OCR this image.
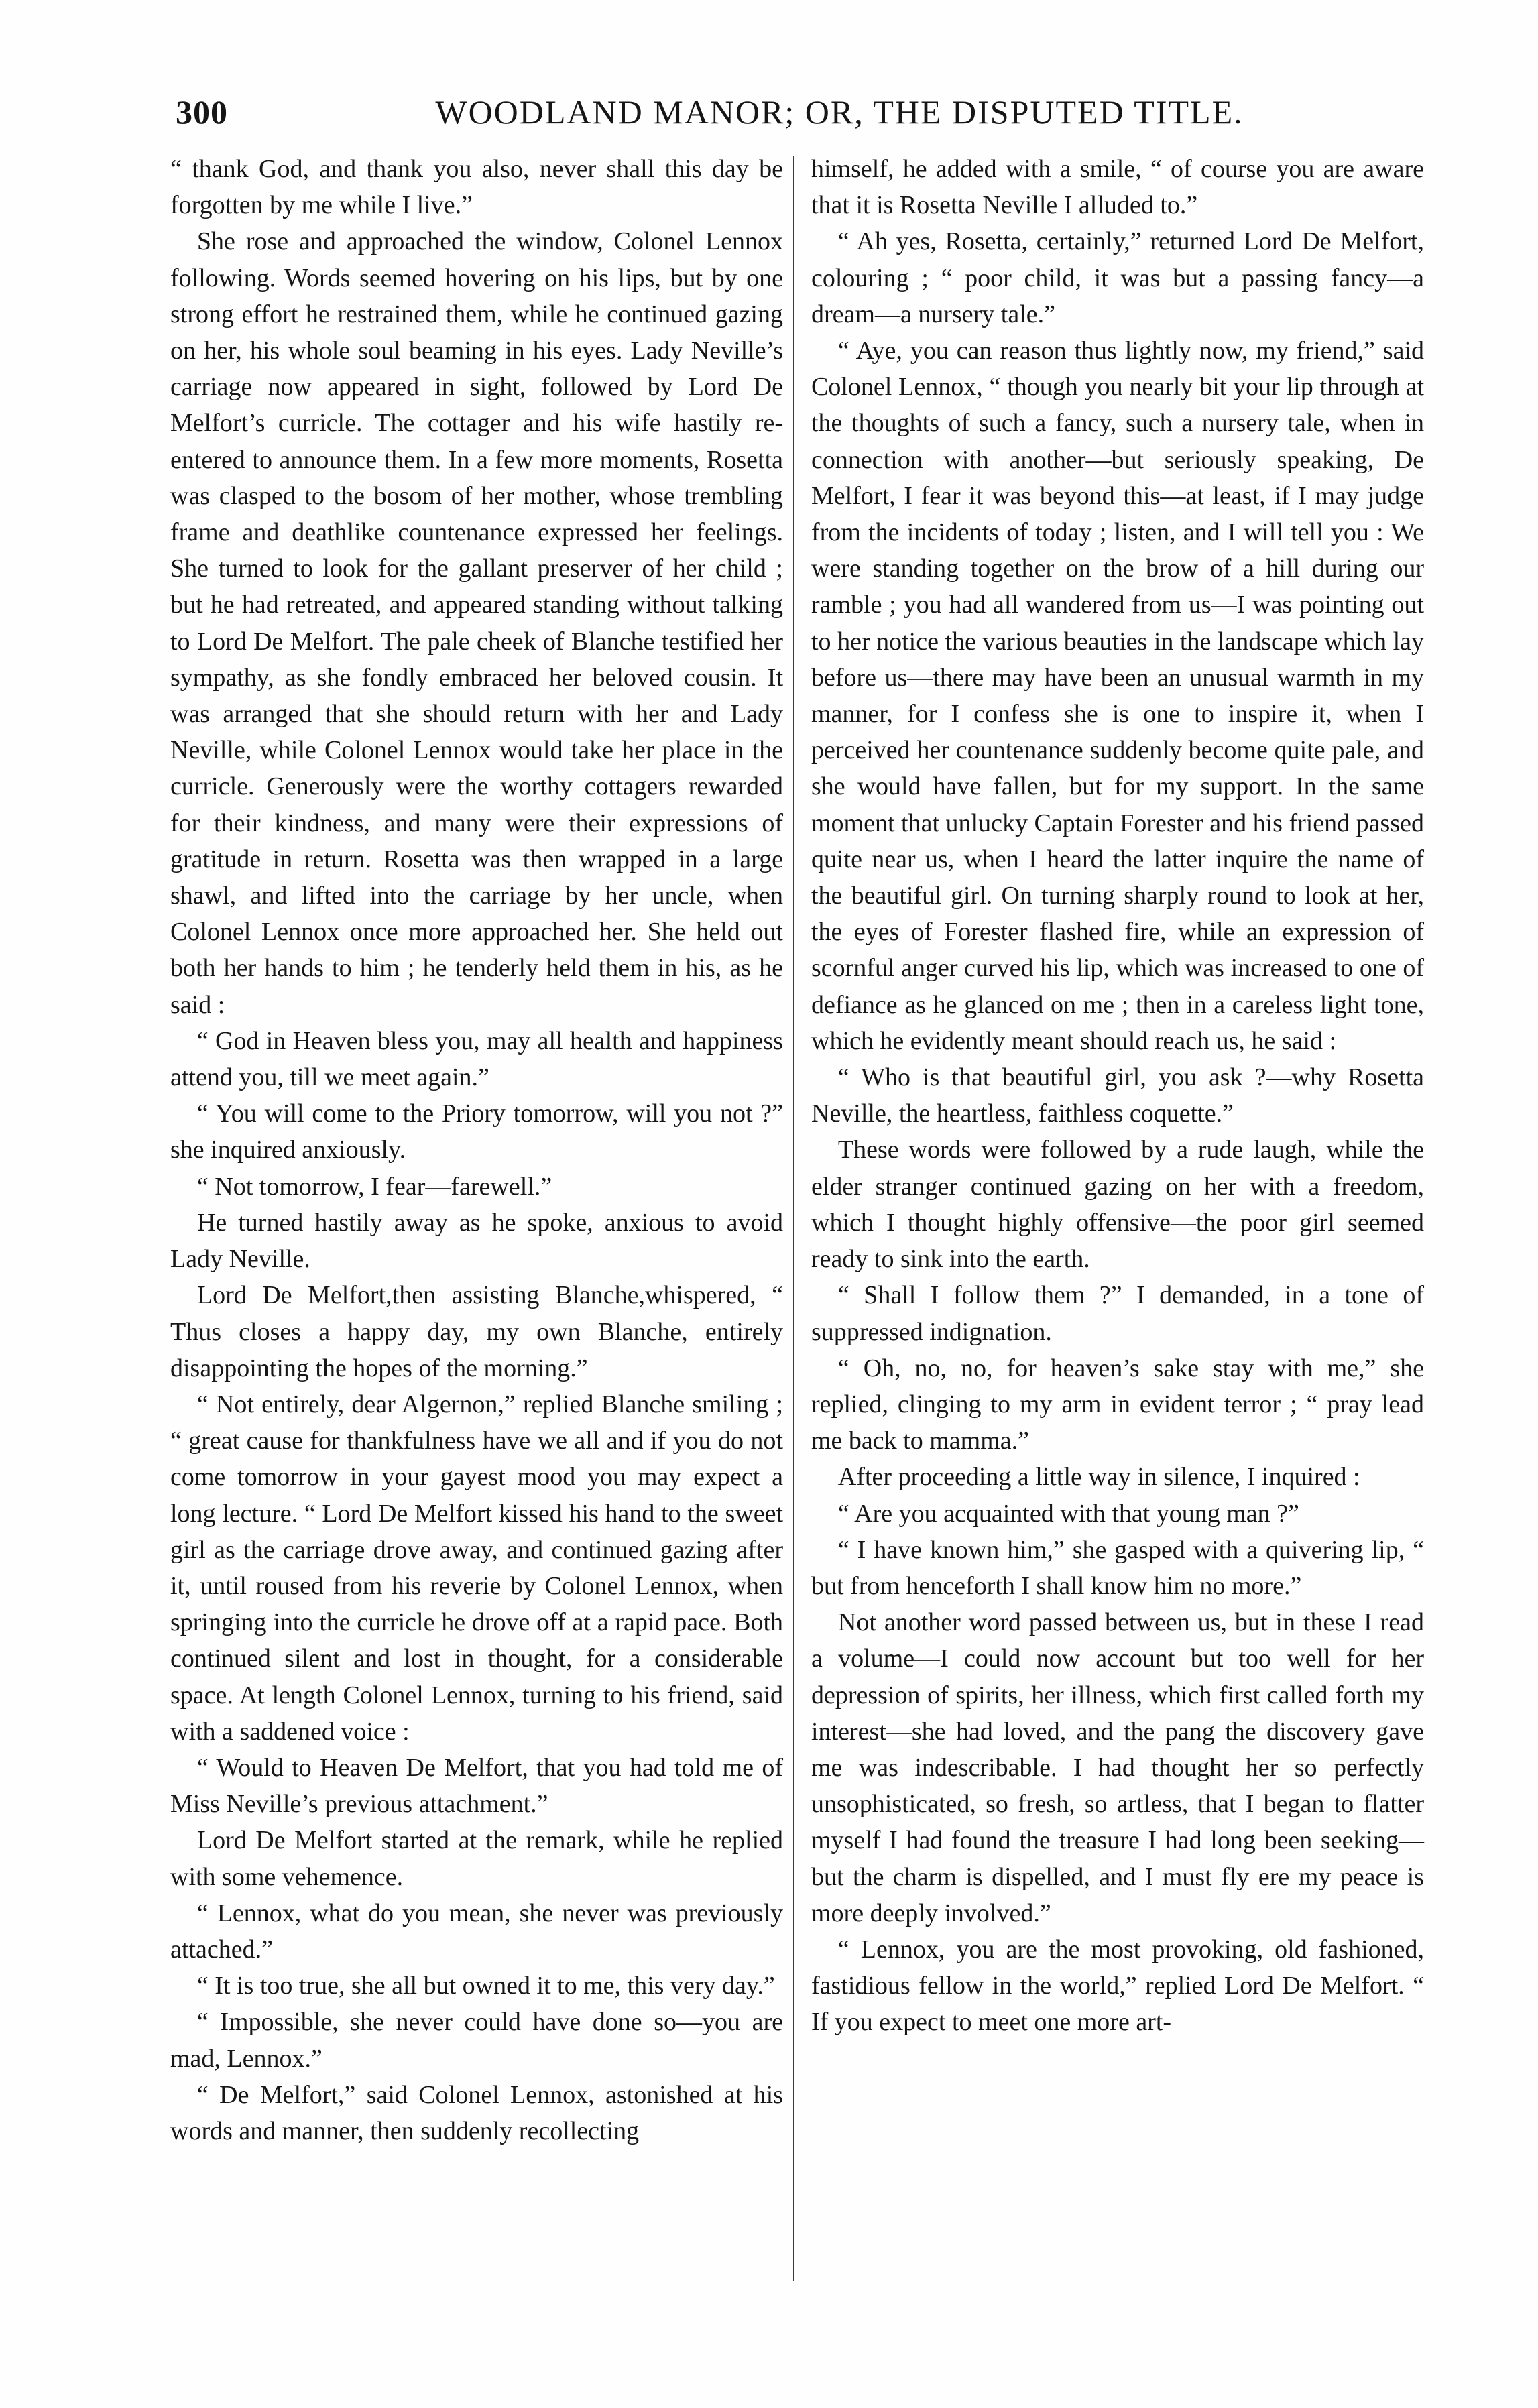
300	WOODLAND MANOR; OR, THE DISPUTED TITLE.

“ thank God, and thank you also, never shall this day be forgotten by me while I live.”

She rose and approached the window, Colonel Lennox following. Words seemed hovering on his lips, but by one strong effort he restrained them, while he continued gazing on her, his whole soul beaming in his eyes. Lady Neville’s carriage now appeared in sight, followed by Lord De Melfort’s curricle. The cottager and his wife hastily re-entered to announce them. In a few more moments, Rosetta was clasped to the bosom of her mother, whose trembling frame and deathlike countenance expressed her feelings. She turned to look for the gallant preserver of her child ; but he had retreated, and appeared standing without talking to Lord De Melfort. The pale cheek of Blanche testified her sympathy, as she fondly embraced her beloved cousin. It was arranged that she should return with her and Lady Neville, while Colonel Lennox would take her place in the curricle. Generously were the worthy cottagers rewarded for their kindness, and many were their expressions of gratitude in return. Rosetta was then wrapped in a large shawl, and lifted into the carriage by her uncle, when Colonel Lennox once more approached her. She held out both her hands to him ; he tenderly held them in his, as he said :

“ God in Heaven bless you, may all health and happiness attend you, till we meet again.”

“ You will come to the Priory tomorrow, will you not ?” she inquired anxiously.

“ Not tomorrow, I fear—farewell.”

He turned hastily away as he spoke, anxious to avoid Lady Neville.

Lord De Melfort,then assisting Blanche,whispered, “ Thus closes a happy day, my own Blanche, entirely disappointing the hopes of the morning.”

“ Not entirely, dear Algernon,” replied Blanche smiling ; “ great cause for thankfulness have we all and if you do not come tomorrow in your gayest mood you may expect a long lecture. “ Lord De Melfort kissed his hand to the sweet girl as the carriage drove away, and continued gazing after it, until roused from his reverie by Colonel Lennox, when springing into the curricle he drove off at a rapid pace. Both continued silent and lost in thought, for a considerable space. At length Colonel Lennox, turning to his friend, said with a saddened voice :

“ Would to Heaven De Melfort, that you had told me of Miss Neville’s previous attachment.”

Lord De Melfort started at the remark, while he replied with some vehemence.

“ Lennox, what do you mean, she never was previously attached.”

“ It is too true, she all but owned it to me, this very day.”

“ Impossible, she never could have done so—you are mad, Lennox.”

“ De Melfort,” said Colonel Lennox, astonished at his words and manner, then suddenly recollecting

himself, he added with a smile, “ of course you are aware that it is Rosetta Neville I alluded to.”

“ Ah yes, Rosetta, certainly,” returned Lord De Melfort, colouring ; “ poor child, it was but a passing fancy—a dream—a nursery tale.”

“ Aye, you can reason thus lightly now, my friend,” said Colonel Lennox, “ though you nearly bit your lip through at the thoughts of such a fancy, such a nursery tale, when in connection with another—but seriously speaking, De Melfort, I fear it was beyond this—at least, if I may judge from the incidents of today ; listen, and I will tell you : We were standing together on the brow of a hill during our ramble ; you had all wandered from us—I was pointing out to her notice the various beauties in the landscape which lay before us—there may have been an unusual warmth in my manner, for I confess she is one to inspire it, when I perceived her countenance suddenly become quite pale, and she would have fallen, but for my support. In the same moment that unlucky Captain Forester and his friend passed quite near us, when I heard the latter inquire the name of the beautiful girl. On turning sharply round to look at her, the eyes of Forester flashed fire, while an expression of scornful anger curved his lip, which was increased to one of defiance as he glanced on me ; then in a careless light tone, which he evidently meant should reach us, he said :

“ Who is that beautiful girl, you ask ?—why Rosetta Neville, the heartless, faithless coquette.”

These words were followed by a rude laugh, while the elder stranger continued gazing on her with a freedom, which I thought highly offensive—the poor girl seemed ready to sink into the earth.

“ Shall I follow them ?” I demanded, in a tone of suppressed indignation.

“ Oh, no, no, for heaven’s sake stay with me,” she replied, clinging to my arm in evident terror ; “ pray lead me back to mamma.”

After proceeding a little way in silence, I inquired :

“ Are you acquainted with that young man ?”

“ I have known him,” she gasped with a quivering lip, “ but from henceforth I shall know him no more.”

Not another word passed between us, but in these I read a volume—I could now account but too well for her depression of spirits, her illness, which first called forth my interest—she had loved, and the pang the discovery gave me was indescribable. I had thought her so perfectly unsophisticated, so fresh, so artless, that I began to flatter myself I had found the treasure I had long been seeking—but the charm is dispelled, and I must fly ere my peace is more deeply involved.”

“ Lennox, you are the most provoking, old fashioned, fastidious fellow in the world,” replied Lord De Melfort. “ If you expect to meet one more art-
